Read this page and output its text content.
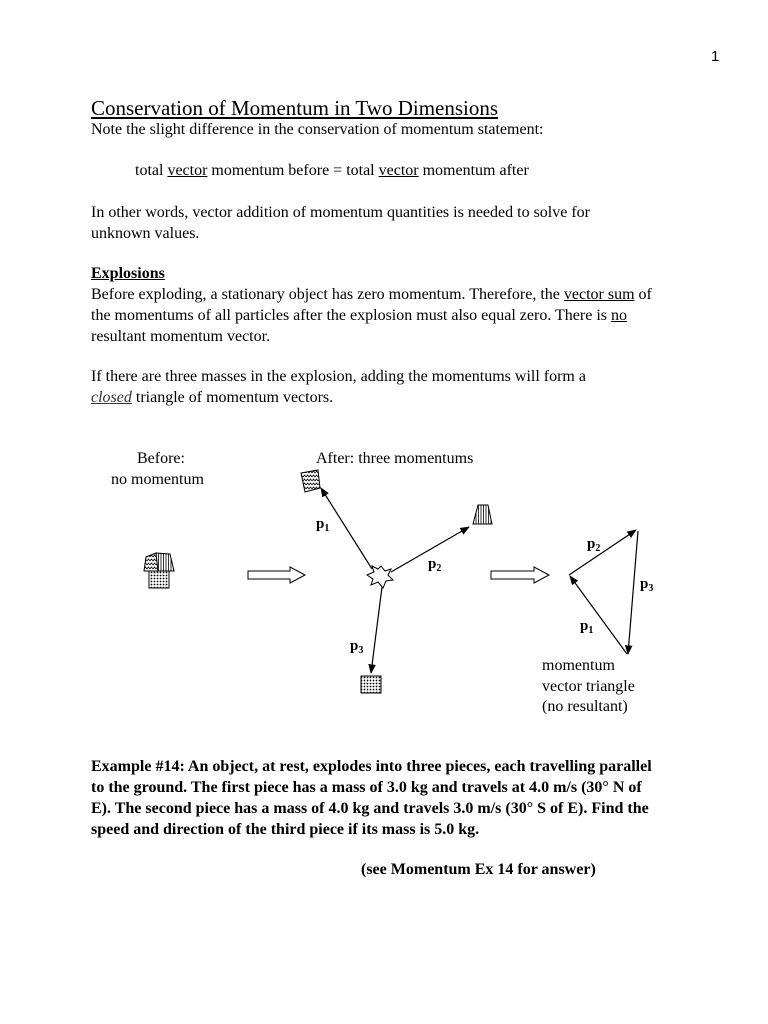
1
Conservation of Momentum in Two Dimensions
Note the slight difference in the conservation of momentum statement:
total vector momentum before = total vector momentum after
In other words, vector addition of momentum quantities is needed to solve for
unknown values.
Explosions
Before exploding, a stationary object has zero momentum. Therefore, the vector sum of
the momentums of all particles after the explosion must also equal zero. There is no
resultant momentum vector.
If there are three masses in the explosion, adding the momentums will form a
closed triangle of momentum vectors.
Before:
no momentum
After: three momentums
$p_1$
$p_2$
$p_3$
$p_2$
$p_3$
$p_1$
momentum
vector triangle
(no resultant)
Example #14: An object, at rest, explodes into three pieces, each travelling parallel
to the ground. The first piece has a mass of 3.0 kg and travels at 4.0 m/s (30° N of
E). The second piece has a mass of 4.0 kg and travels 3.0 m/s (30° S of E). Find the
speed and direction of the third piece if its mass is 5.0 kg.
(see Momentum Ex 14 for answer)
